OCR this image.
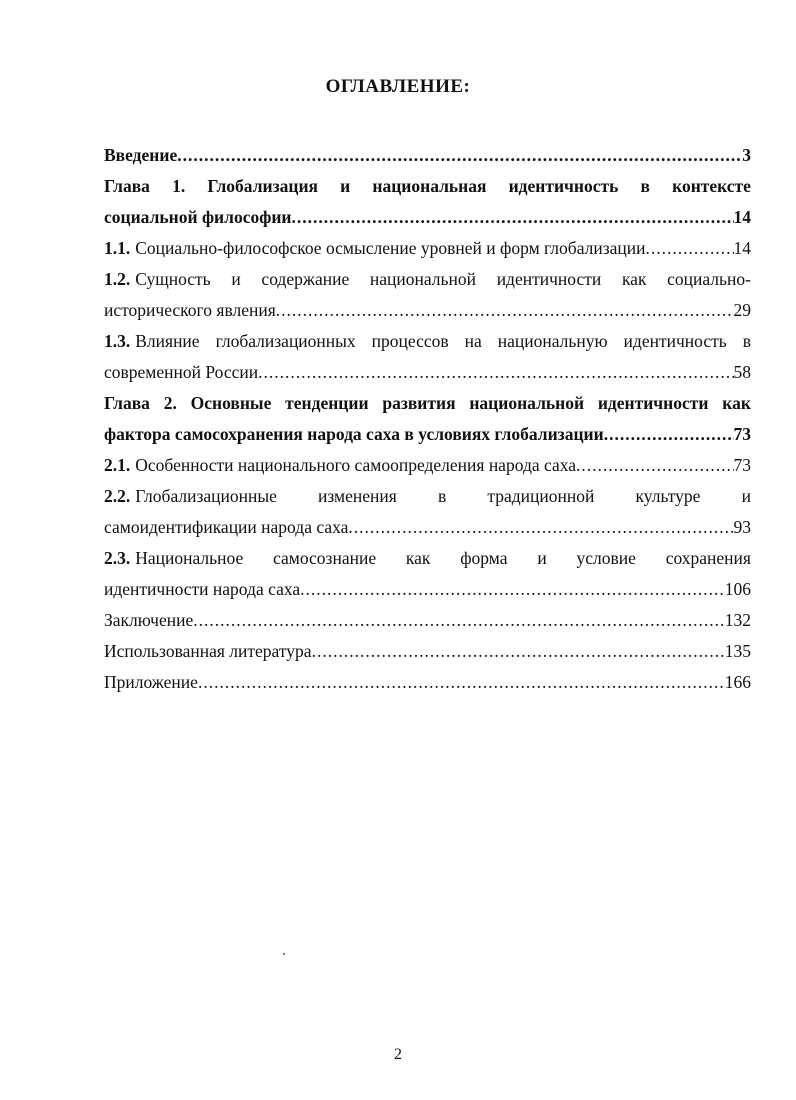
ОГЛАВЛЕНИЕ:
Введение .....	3
Глава 1. Глобализация и национальная идентичность в контексте
социальной философии .....	14
1.1. Социально-философское осмысление уровней и форм глобализации .....	14
1.2. Сущность и содержание национальной идентичности как социально-
исторического явления .....	29
1.3. Влияние глобализационных процессов на национальную идентичность в
современной России .....	58
Глава 2. Основные тенденции развития национальной идентичности как
фактора самосохранения народа саха в условиях глобализации .....	73
2.1. Особенности национального самоопределения народа саха .....	73
2.2. Глобализационные изменения в традиционной культуре и
самоидентификации народа саха .....	93
2.3. Национальное самосознание как форма и условие сохранения
идентичности народа саха .....	106
Заключение .....	132
Использованная литература .....	135
Приложение .....	166
2
